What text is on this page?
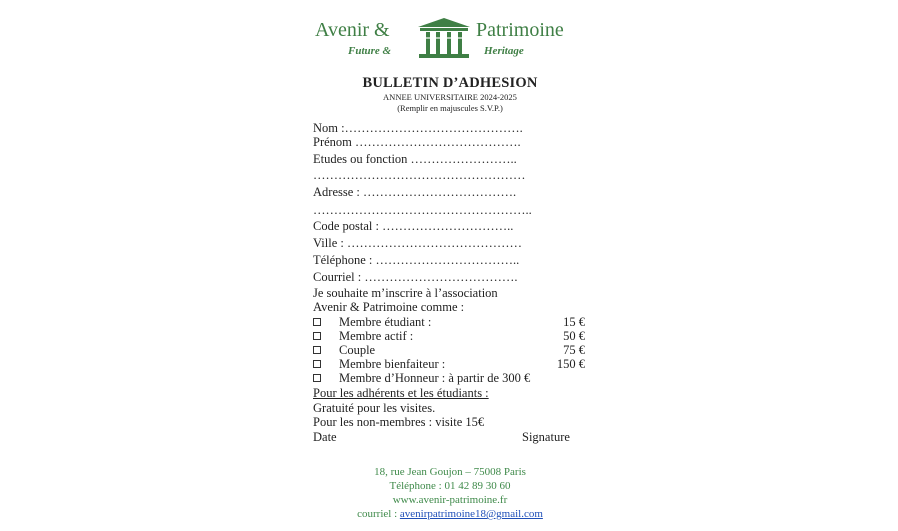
Avenir &	Patrimoine
Future &	Heritage
BULLETIN D’ADHESION
ANNEE UNIVERSITAIRE 2024-2025
(Remplir en majuscules S.V.P.)
Nom :…………………………………….
Prénom ………………………………….
Etudes ou fonction ……………………..
……………………………………………
Adresse : ……………………………….
……………………………………………..
Code postal : …………………………..
Ville : ……………………………………
Téléphone : ……………………………..
Courriel : ……………………………….
Je souhaite m’inscrire à l’association
Avenir & Patrimoine comme :
Membre étudiant :	15 €
Membre actif :	50 €
Couple	75 €
Membre bienfaiteur :	150 €
Membre d’Honneur : à partir de 300 €
Pour les adhérents et les étudiants :
Gratuité pour les visites.
Pour les non-membres : visite 15€
Date	Signature
18, rue Jean Goujon – 75008 Paris
Téléphone : 01 42 89 30 60
www.avenir-patrimoine.fr
courriel : avenirpatrimoine18@gmail.com
